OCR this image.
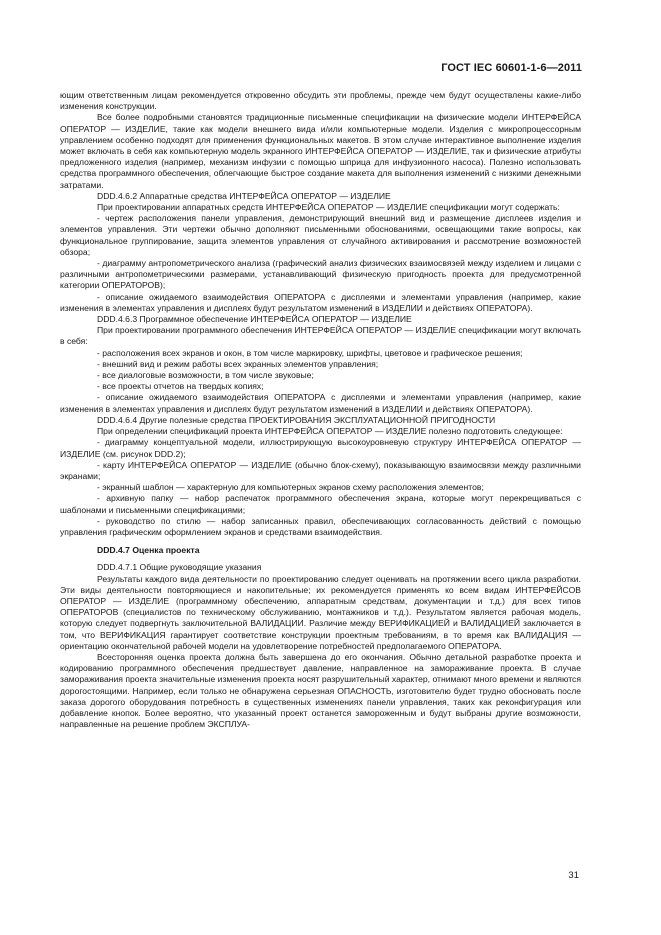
ГОСТ IEC 60601-1-6—2011

ющим ответственным лицам рекомендуется откровенно обсудить эти проблемы, прежде чем будут осуществлены какие-либо изменения конструкции.

Все более подробными становятся традиционные письменные спецификации на физические модели ИНТЕРФЕЙСА ОПЕРАТОР — ИЗДЕЛИЕ, такие как модели внешнего вида и/или компьютерные модели. Изделия с микропроцессорным управлением особенно подходят для применения функциональных макетов. В этом случае интерактивное выполнение изделия может включать в себя как компьютерную модель экранного ИНТЕРФЕЙСА ОПЕРАТОР — ИЗДЕЛИЕ, так и физические атрибуты предложенного изделия (например, механизм инфузии с помощью шприца для инфузионного насоса). Полезно использовать средства программного обеспечения, облегчающие быстрое создание макета для выполнения изменений с низкими денежными затратами.

DDD.4.6.2 Аппаратные средства ИНТЕРФЕЙСА ОПЕРАТОР — ИЗДЕЛИЕ

При проектировании аппаратных средств ИНТЕРФЕЙСА ОПЕРАТОР — ИЗДЕЛИЕ спецификации могут содержать:

- чертеж расположения панели управления, демонстрирующий внешний вид и размещение дисплеев изделия и элементов управления. Эти чертежи обычно дополняют письменными обоснованиями, освещающими такие вопросы, как функциональное группирование, защита элементов управления от случайного активирования и рассмотрение возможностей обзора;

- диаграмму антропометрического анализа (графический анализ физических взаимосвязей между изделием и лицами с различными антропометрическими размерами, устанавливающий физическую пригодность проекта для предусмотренной категории ОПЕРАТОРОВ);

- описание ожидаемого взаимодействия ОПЕРАТОРА с дисплеями и элементами управления (например, какие изменения в элементах управления и дисплеях будут результатом изменений в ИЗДЕЛИИ и действиях ОПЕРАТОРА).

DDD.4.6.3 Программное обеспечение ИНТЕРФЕЙСА ОПЕРАТОР — ИЗДЕЛИЕ

При проектировании программного обеспечения ИНТЕРФЕЙСА ОПЕРАТОР — ИЗДЕЛИЕ спецификации могут включать в себя:

- расположения всех экранов и окон, в том числе маркировку, шрифты, цветовое и графическое решения;

- внешний вид и режим работы всех экранных элементов управления;

- все диалоговые возможности, в том числе звуковые;

- все проекты отчетов на твердых копиях;

- описание ожидаемого взаимодействия ОПЕРАТОРА с дисплеями и элементами управления (например, какие изменения в элементах управления и дисплеях будут результатом изменений в ИЗДЕЛИИ и действиях ОПЕРАТОРА).

DDD.4.6.4 Другие полезные средства ПРОЕКТИРОВАНИЯ ЭКСПЛУАТАЦИОННОЙ ПРИГОДНОСТИ

При определении спецификаций проекта ИНТЕРФЕЙСА ОПЕРАТОР — ИЗДЕЛИЕ полезно подготовить следующее:

- диаграмму концептуальной модели, иллюстрирующую высокоуровневую структуру ИНТЕРФЕЙСА ОПЕРАТОР — ИЗДЕЛИЕ (см. рисунок DDD.2);

- карту ИНТЕРФЕЙСА ОПЕРАТОР — ИЗДЕЛИЕ (обычно блок-схему), показывающую взаимосвязи между различными экранами;

- экранный шаблон — характерную для компьютерных экранов схему расположения элементов;

- архивную папку — набор распечаток программного обеспечения экрана, которые могут перекрещиваться с шаблонами и письменными спецификациями;

- руководство по стилю — набор записанных правил, обеспечивающих согласованность действий с помощью управления графическим оформлением экранов и средствами взаимодействия.

DDD.4.7 Оценка проекта

DDD.4.7.1 Общие руководящие указания

Результаты каждого вида деятельности по проектированию следует оценивать на протяжении всего цикла разработки. Эти виды деятельности повторяющиеся и накопительные; их рекомендуется применять ко всем видам ИНТЕРФЕЙСОВ ОПЕРАТОР — ИЗДЕЛИЕ (программному обеспечению, аппаратным средствам, документации и т.д.) для всех типов ОПЕРАТОРОВ (специалистов по техническому обслуживанию, монтажников и т.д.). Результатом является рабочая модель, которую следует подвергнуть заключительной ВАЛИДАЦИИ. Различие между ВЕРИФИКАЦИЕЙ и ВАЛИДАЦИЕЙ заключается в том, что ВЕРИФИКАЦИЯ гарантирует соответствие конструкции проектным требованиям, в то время как ВАЛИДАЦИЯ — ориентацию окончательной рабочей модели на удовлетворение потребностей предполагаемого ОПЕРАТОРА.

Всесторонняя оценка проекта должна быть завершена до его окончания. Обычно детальной разработке проекта и кодированию программного обеспечения предшествует давление, направленное на замораживание проекта. В случае замораживания проекта значительные изменения проекта носят разрушительный характер, отнимают много времени и являются дорогостоящими. Например, если только не обнаружена серьезная ОПАСНОСТЬ, изготовителю будет трудно обосновать после заказа дорогого оборудования потребность в существенных изменениях панели управления, таких как реконфигурация или добавление кнопок. Более вероятно, что указанный проект останется замороженным и будут выбраны другие возможности, направленные на решение проблем ЭКСПЛУА-

31
